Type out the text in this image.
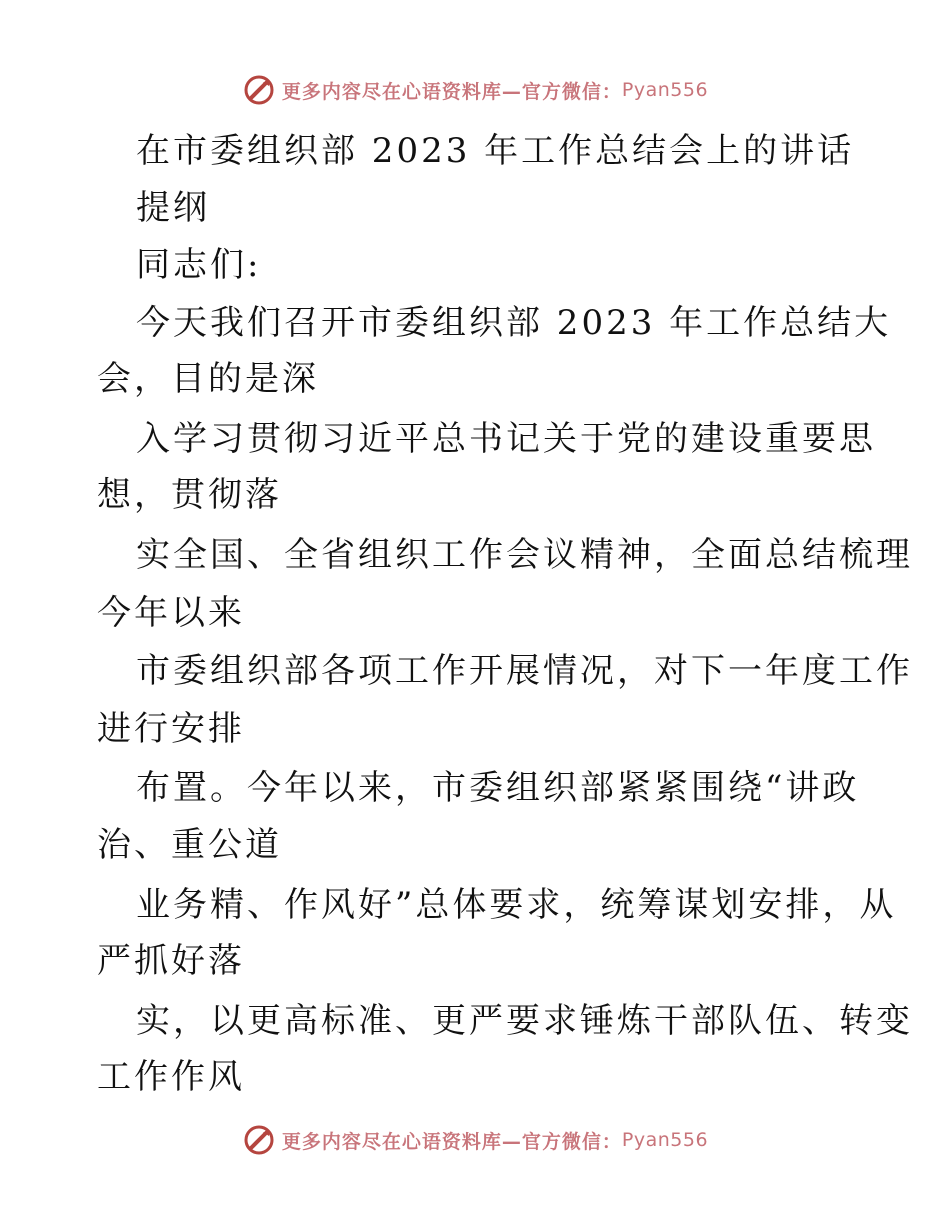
更多内容尽在心语资料库—官方微信： Pyan556
在市委组织部 2023 年工作总结会上的讲话
提纲
同志们:
今天我们召开市委组织部 2023 年工作总结大
会，目的是深
入学习贯彻习近平总书记关于党的建设重要思
想，贯彻落
实全国、全省组织工作会议精神，全面总结梳理
今年以来
市委组织部各项工作开展情况，对下一年度工作
进行安排
布置。今年以来，市委组织部紧紧围绕“讲政
治、重公道
业务精、作风好”总体要求，统筹谋划安排，从
严抓好落
实，以更高标准、更严要求锤炼干部队伍、转变
工作作风
更多内容尽在心语资料库—官方微信： Pyan556
